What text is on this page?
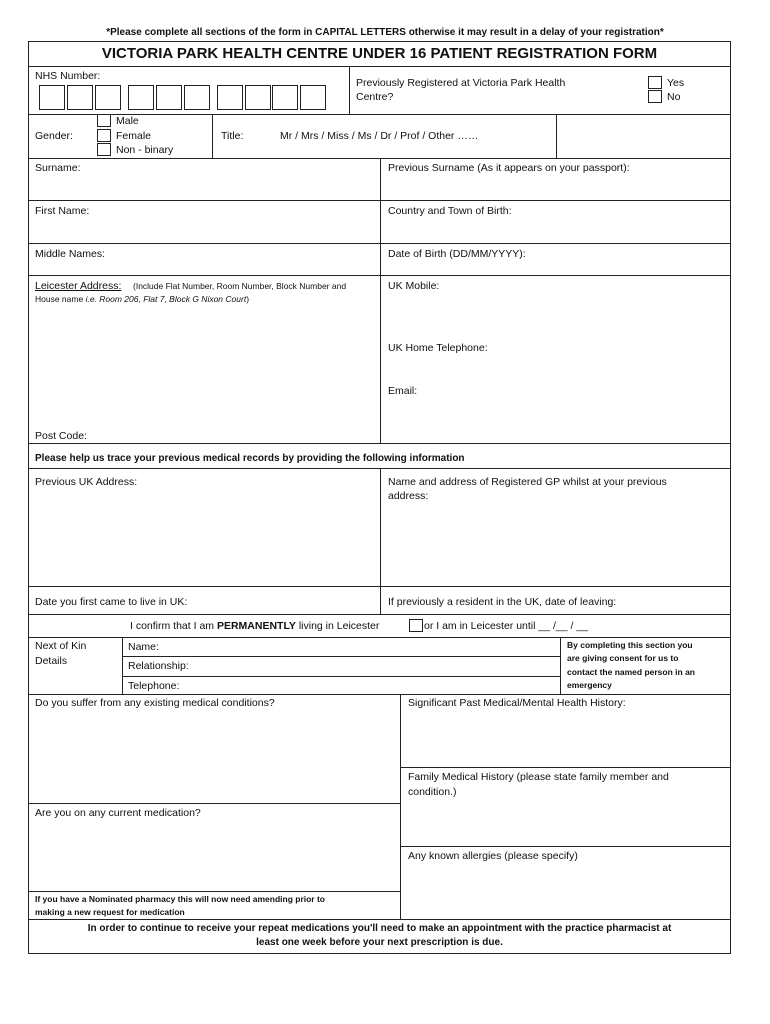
*Please complete all sections of the form in CAPITAL LETTERS otherwise it may result in a delay of your registration*
VICTORIA PARK HEALTH CENTRE UNDER 16 PATIENT REGISTRATION FORM
NHS Number:
Previously Registered at Victoria Park Health
Centre?
Yes
No
Gender:
Male
Female
Non - binary
Title:	Mr / Mrs / Miss / Ms / Dr / Prof / Other ……
Surname:	Previous Surname (As it appears on your passport):
First Name:	Country and Town of Birth:
Middle Names:	Date of Birth (DD/MM/YYYY):
Leicester Address: (Include Flat Number, Room Number, Block Number and
House name i.e. Room 206, Flat 7, Block G Nixon Court)
Post Code:
UK Mobile:
UK Home Telephone:
Email:
Please help us trace your previous medical records by providing the following information
Previous UK Address:	Name and address of Registered GP whilst at your previous
address:
Date you first came to live in UK:	If previously a resident in the UK, date of leaving:
I confirm that I am PERMANENTLY living in Leicester	or I am in Leicester until __ /__ / __
Next of Kin
Details
Name:
Relationship:
Telephone:
By completing this section you
are giving consent for us to
contact the named person in an
emergency
Do you suffer from any existing medical conditions?
Are you on any current medication?
If you have a Nominated pharmacy this will now need amending prior to
making a new request for medication
Significant Past Medical/Mental Health History:
Family Medical History (please state family member and
condition.)
Any known allergies (please specify)
In order to continue to receive your repeat medications you'll need to make an appointment with the practice pharmacist at
least one week before your next prescription is due.
